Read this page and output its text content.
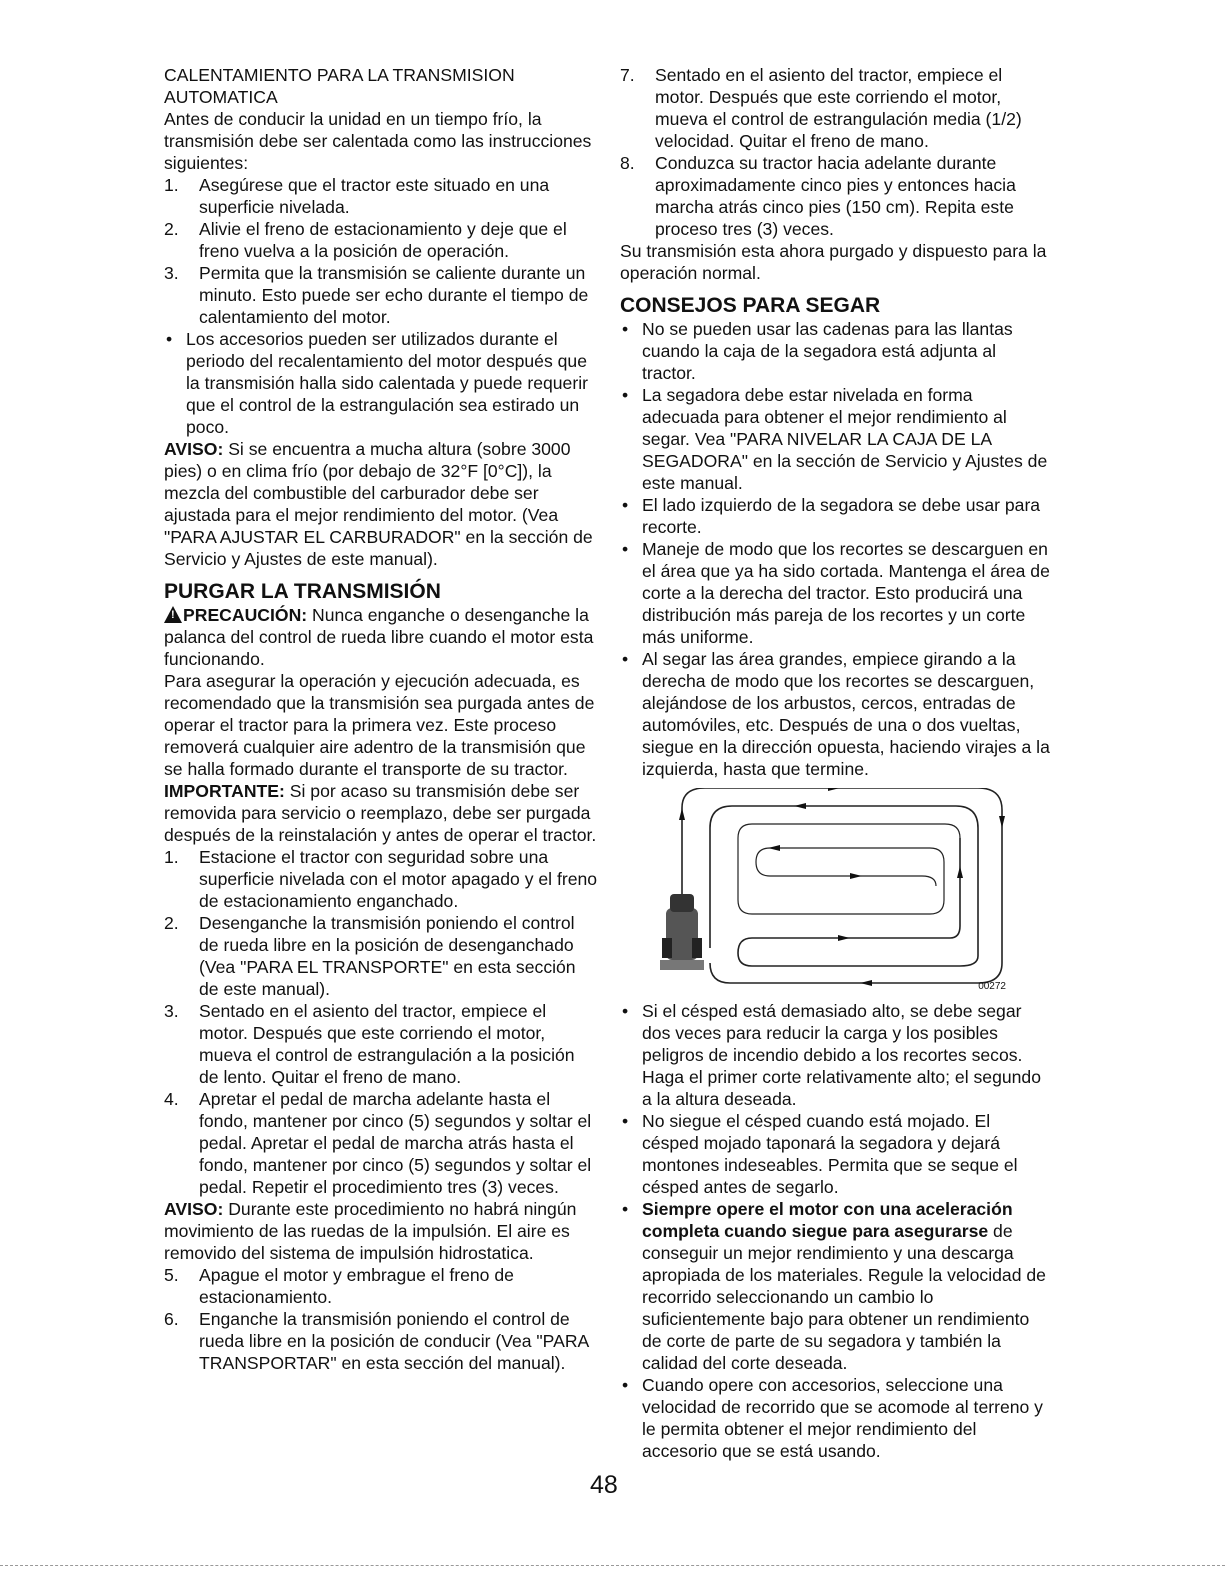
CALENTAMIENTO PARA LA TRANSMISION

AUTOMATICA

Antes de conducir la unidad en un tiempo frío, la transmisión debe ser calentada como las instrucciones siguientes:

1.	Asegúrese que el tractor este situado en una superficie nivelada.
2.	Alivie el freno de estacionamiento y deje que el freno vuelva a la posición de operación.
3.	Permita que la transmisión se caliente durante un minuto. Esto puede ser echo durante el tiempo de calentamiento del motor.
• Los accesorios pueden ser utilizados durante el periodo del recalentamiento del motor después que la transmisión halla sido calentada y puede requerir que el control de la estrangulación sea estirado un poco.

AVISO: Si se encuentra a mucha altura (sobre 3000 pies) o en clima frío (por debajo de 32°F [0°C]), la mezcla del combustible del carburador debe ser ajustada para el mejor rendimiento del motor. (Vea "PARA AJUSTAR EL CARBURADOR" en la sección de Servicio y Ajustes de este manual).

PURGAR LA TRANSMISIÓN

! PRECAUCIÓN: Nunca enganche o desenganche la palanca del control de rueda libre cuando el motor esta funcionando.

Para asegurar la operación y ejecución adecuada, es recomendado que la transmisión sea purgada antes de operar el tractor para la primera vez. Este proceso removerá cualquier aire adentro de la transmisión que se halla formado durante el transporte de su tractor.

IMPORTANTE: Si por acaso su transmisión debe ser removida para servicio o reemplazo, debe ser purgada después de la reinstalación y antes de operar el tractor.

1.	Estacione el tractor con seguridad sobre una superficie nivelada con el motor apagado y el freno de estacionamiento enganchado.
2.	Desenganche la transmisión poniendo el control de rueda libre en la posición de desenganchado (Vea "PARA EL TRANSPORTE" en esta sección de este manual).
3.	Sentado en el asiento del tractor, empiece el motor. Después que este corriendo el motor, mueva el control de estrangulación a la posición de lento. Quitar el freno de mano.
4.	Apretar el pedal de marcha adelante hasta el fondo, mantener por cinco (5) segundos y soltar el pedal. Apretar el pedal de marcha atrás hasta el fondo, mantener por cinco (5) segundos y soltar el pedal. Repetir el procedimiento tres (3) veces.

AVISO: Durante este procedimiento no habrá ningún movimiento de las ruedas de la impulsión. El aire es removido del sistema de impulsión hidrostatica.

5.	Apague el motor y embrague el freno de estacionamiento.
6.	Enganche la transmisión poniendo el control de rueda libre en la posición de conducir (Vea "PARA TRANSPORTAR" en esta sección del manual).
7.	Sentado en el asiento del tractor, empiece el motor. Después que este corriendo el motor, mueva el control de estrangulación media (1/2) velocidad. Quitar el freno de mano.
8.	Conduzca su tractor hacia adelante durante aproximadamente cinco pies y entonces hacia marcha atrás cinco pies (150 cm). Repita este proceso tres (3) veces.

Su transmisión esta ahora purgado y dispuesto para la operación normal.

CONSEJOS PARA SEGAR

• No se pueden usar las cadenas para las llantas cuando la caja de la segadora está adjunta al tractor.
• La segadora debe estar nivelada en forma adecuada para obtener el mejor rendimiento al segar. Vea "PARA NIVELAR LA CAJA DE LA SEGADORA" en la sección de Servicio y Ajustes de este manual.
• El lado izquierdo de la segadora se debe usar para recorte.
• Maneje de modo que los recortes se descarguen en el área que ya ha sido cortada. Mantenga el área de corte a la derecha del tractor. Esto producirá una distribución más pareja de los recortes y un corte más uniforme.
• Al segar las área grandes, empiece girando a la derecha de modo que los recortes se descarguen, alejándose de los arbustos, cercos, entradas de automóviles, etc. Después de una o dos vueltas, siegue en la dirección opuesta, haciendo virajes a la izquierda, hasta que termine.
00272
• Si el césped está demasiado alto, se debe segar dos veces para reducir la carga y los posibles peligros de incendio debido a los recortes secos. Haga el primer corte relativamente alto; el segundo a la altura deseada.
• No siegue el césped cuando está mojado. El césped mojado taponará la segadora y dejará montones indeseables. Permita que se seque el césped antes de segarlo.
• Siempre opere el motor con una aceleración completa cuando siegue para asegurarse de conseguir un mejor rendimiento y una descarga apropiada de los materiales. Regule la velocidad de recorrido seleccionando un cambio lo suficientemente bajo para obtener un rendimiento de corte de parte de su segadora y también la calidad del corte deseada.
• Cuando opere con accesorios, seleccione una velocidad de recorrido que se acomode al terreno y le permita obtener el mejor rendimiento del accesorio que se está usando.
48
